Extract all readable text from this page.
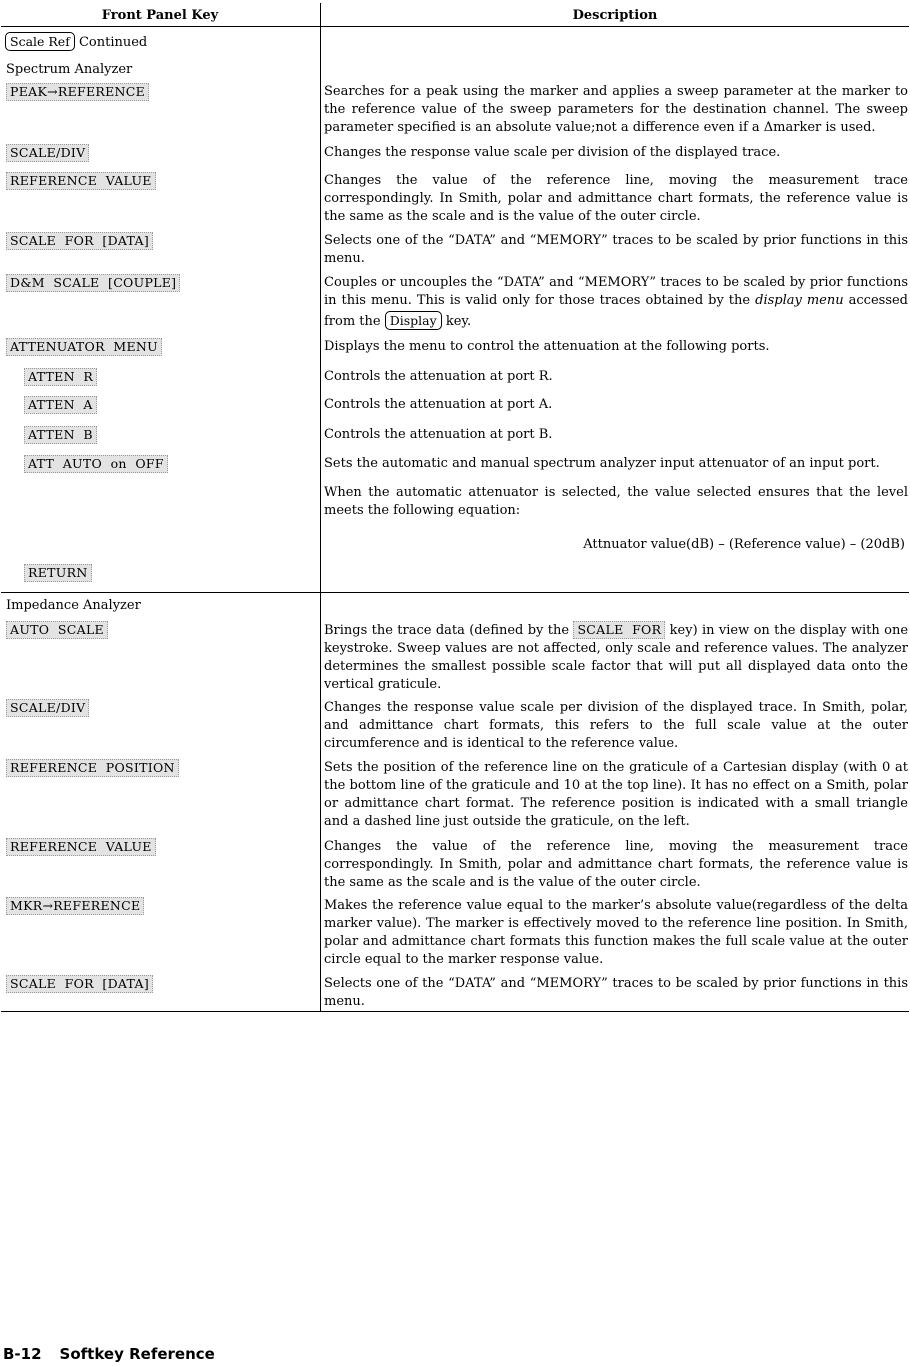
Front Panel Key	Description
Scale Ref Continued
Spectrum Analyzer
PEAK→REFERENCE	Searches for a peak using the marker and applies a sweep parameter at the marker to the reference value of the sweep parameters for the destination channel. The sweep parameter specified is an absolute value;not a difference even if a Δmarker is used.
SCALE/DIV	Changes the response value scale per division of the displayed trace.
REFERENCE  VALUE	Changes the value of the reference line, moving the measurement trace correspondingly. In Smith, polar and admittance chart formats, the reference value is the same as the scale and is the value of the outer circle.
SCALE  FOR  [DATA]	Selects one of the “DATA” and “MEMORY” traces to be scaled by prior functions in this menu.
D&M  SCALE  [COUPLE]	Couples or uncouples the “DATA” and “MEMORY” traces to be scaled by prior functions in this menu. This is valid only for those traces obtained by the display menu accessed from the Display key.
ATTENUATOR  MENU	Displays the menu to control the attenuation at the following ports.
ATTEN  R	Controls the attenuation at port R.
ATTEN  A	Controls the attenuation at port A.
ATTEN  B	Controls the attenuation at port B.
ATT  AUTO  on  OFF	Sets the automatic and manual spectrum analyzer input attenuator of an input port.
When the automatic attenuator is selected, the value selected ensures that the level meets the following equation:
Attnuator value(dB) – (Reference value) – (20dB)
RETURN
Impedance Analyzer
AUTO  SCALE	Brings the trace data (defined by the SCALE  FOR key) in view on the display with one keystroke. Sweep values are not affected, only scale and reference values. The analyzer determines the smallest possible scale factor that will put all displayed data onto the vertical graticule.
SCALE/DIV	Changes the response value scale per division of the displayed trace. In Smith, polar, and admittance chart formats, this refers to the full scale value at the outer circumference and is identical to the reference value.
REFERENCE  POSITION	Sets the position of the reference line on the graticule of a Cartesian display (with 0 at the bottom line of the graticule and 10 at the top line). It has no effect on a Smith, polar or admittance chart format. The reference position is indicated with a small triangle and a dashed line just outside the graticule, on the left.
REFERENCE  VALUE	Changes the value of the reference line, moving the measurement trace correspondingly. In Smith, polar and admittance chart formats, the reference value is the same as the scale and is the value of the outer circle.
MKR→REFERENCE	Makes the reference value equal to the marker’s absolute value(regardless of the delta marker value). The marker is effectively moved to the reference line position. In Smith, polar and admittance chart formats this function makes the full scale value at the outer circle equal to the marker response value.
SCALE  FOR  [DATA]	Selects one of the “DATA” and “MEMORY” traces to be scaled by prior functions in this menu.
B-12 Softkey Reference
